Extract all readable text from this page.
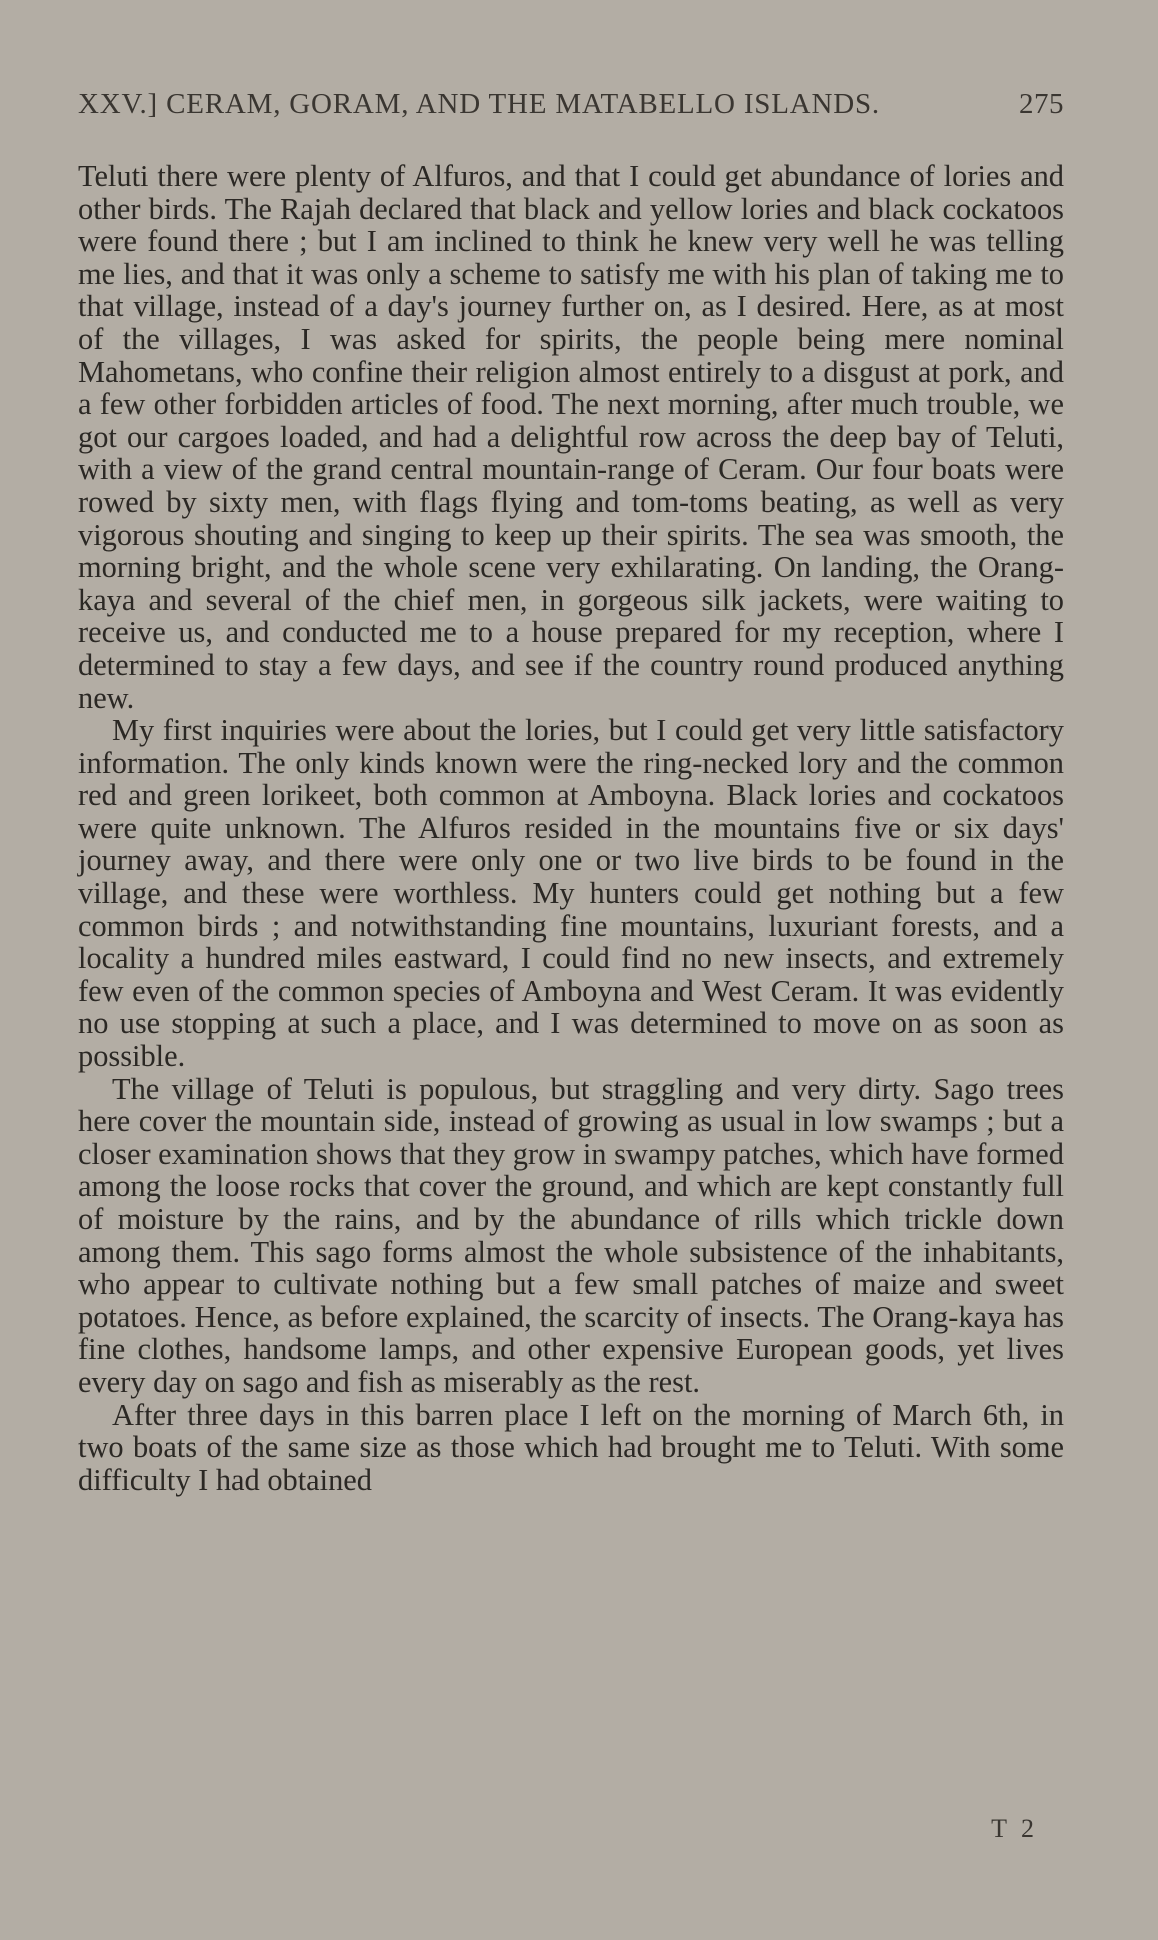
XXV.] CERAM, GORAM, AND THE MATABELLO ISLANDS.	275

Teluti there were plenty of Alfuros, and that I could get abundance of lories and other birds. The Rajah declared that black and yellow lories and black cockatoos were found there ; but I am inclined to think he knew very well he was telling me lies, and that it was only a scheme to satisfy me with his plan of taking me to that village, instead of a day's journey further on, as I desired. Here, as at most of the villages, I was asked for spirits, the people being mere nominal Mahometans, who confine their religion almost entirely to a disgust at pork, and a few other forbidden articles of food. The next morning, after much trouble, we got our cargoes loaded, and had a delightful row across the deep bay of Teluti, with a view of the grand central mountain-range of Ceram. Our four boats were rowed by sixty men, with flags flying and tom-toms beating, as well as very vigorous shouting and singing to keep up their spirits. The sea was smooth, the morning bright, and the whole scene very exhilarating. On landing, the Orang-kaya and several of the chief men, in gorgeous silk jackets, were waiting to receive us, and conducted me to a house prepared for my reception, where I determined to stay a few days, and see if the country round produced anything new.

My first inquiries were about the lories, but I could get very little satisfactory information. The only kinds known were the ring-necked lory and the common red and green lorikeet, both common at Amboyna. Black lories and cockatoos were quite unknown. The Alfuros resided in the mountains five or six days' journey away, and there were only one or two live birds to be found in the village, and these were worthless. My hunters could get nothing but a few common birds ; and notwithstanding fine mountains, luxuriant forests, and a locality a hundred miles eastward, I could find no new insects, and extremely few even of the common species of Amboyna and West Ceram. It was evidently no use stopping at such a place, and I was determined to move on as soon as possible.

The village of Teluti is populous, but straggling and very dirty. Sago trees here cover the mountain side, instead of growing as usual in low swamps ; but a closer examination shows that they grow in swampy patches, which have formed among the loose rocks that cover the ground, and which are kept constantly full of moisture by the rains, and by the abundance of rills which trickle down among them. This sago forms almost the whole subsistence of the inhabitants, who appear to cultivate nothing but a few small patches of maize and sweet potatoes. Hence, as before explained, the scarcity of insects. The Orang-kaya has fine clothes, handsome lamps, and other expensive European goods, yet lives every day on sago and fish as miserably as the rest.

After three days in this barren place I left on the morning of March 6th, in two boats of the same size as those which had brought me to Teluti. With some difficulty I had obtained

T 2
